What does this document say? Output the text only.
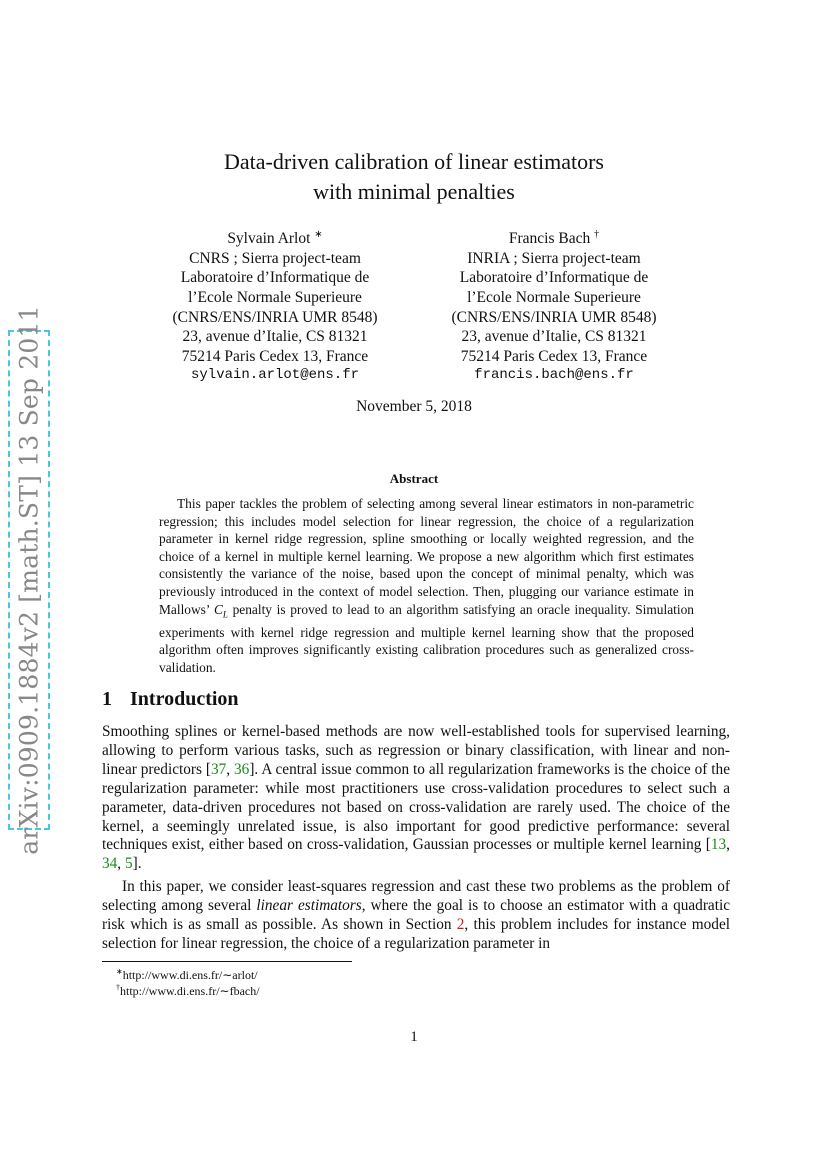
arXiv:0909.1884v2 [math.ST] 13 Sep 2011
Data-driven calibration of linear estimators
with minimal penalties
Sylvain Arlot ∗
CNRS ; Sierra project-team
Laboratoire d’Informatique de
l’Ecole Normale Superieure
(CNRS/ENS/INRIA UMR 8548)
23, avenue d’Italie, CS 81321
75214 Paris Cedex 13, France
sylvain.arlot@ens.fr
Francis Bach †
INRIA ; Sierra project-team
Laboratoire d’Informatique de
l’Ecole Normale Superieure
(CNRS/ENS/INRIA UMR 8548)
23, avenue d’Italie, CS 81321
75214 Paris Cedex 13, France
francis.bach@ens.fr
November 5, 2018
Abstract
This paper tackles the problem of selecting among several linear estimators in non-parametric regression; this includes model selection for linear regression, the choice of a regularization parameter in kernel ridge regression, spline smoothing or locally weighted regression, and the choice of a kernel in multiple kernel learning. We propose a new algorithm which first estimates consistently the variance of the noise, based upon the concept of minimal penalty, which was previously introduced in the context of model selection. Then, plugging our variance estimate in Mallows’ $C_L$ penalty is proved to lead to an algorithm satisfying an oracle inequality. Simulation experiments with kernel ridge regression and multiple kernel learning show that the proposed algorithm often improves significantly existing calibration procedures such as generalized cross-validation.
1 Introduction
Smoothing splines or kernel-based methods are now well-established tools for supervised learning, allowing to perform various tasks, such as regression or binary classification, with linear and non-linear predictors [37, 36]. A central issue common to all regularization frameworks is the choice of the regularization parameter: while most practitioners use cross-validation procedures to select such a parameter, data-driven procedures not based on cross-validation are rarely used. The choice of the kernel, a seemingly unrelated issue, is also important for good predictive performance: several techniques exist, either based on cross-validation, Gaussian processes or multiple kernel learning [13, 34, 5].
In this paper, we consider least-squares regression and cast these two problems as the problem of selecting among several linear estimators, where the goal is to choose an estimator with a quadratic risk which is as small as possible. As shown in Section 2, this problem includes for instance model selection for linear regression, the choice of a regularization parameter in
∗http://www.di.ens.fr/∼arlot/
†http://www.di.ens.fr/∼fbach/
1
